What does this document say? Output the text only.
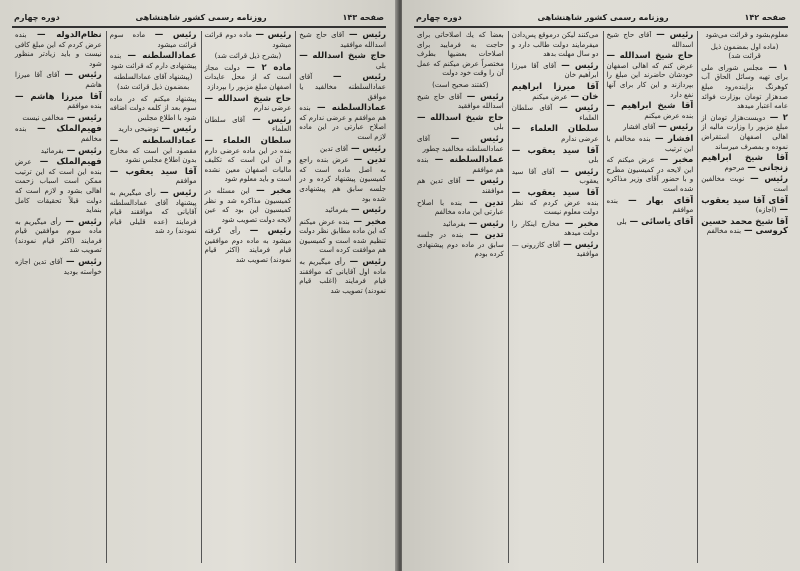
صفحه ۱۴۳
روزنامه رسمی کشور شاهنشاهی
دوره چهارم

رئیس — آقای حاج شیخ اسدالله موافقید

حاج شیخ اسدالله — بلی

رئیس — آقای عمادالسلطنه مخالفید یا موافق

عمادالسلطنه — بنده هم موافقم و عرضی ندارم که اصلاح عبارتی در این ماده لازم است

رئیس — آقای تدین

تدین — عرض بنده راجع به اصل ماده است که کمیسیون پیشنهاد کرده و در جلسه سابق هم پیشنهادی شده بود

رئیس — بفرمائید

مخبر — بنده عرض میکنم که این ماده مطابق نظر دولت تنظیم شده است و کمیسیون هم موافقت کرده است

رئیس — رأی میگیریم به ماده اول آقایانی که موافقند قیام فرمایند (اغلب قیام نمودند) تصویب شد

رئیس — ماده دوم قرائت میشود

(بشرح ذیل قرائت شد)

ماده ۲ — دولت مجاز است که از محل عایدات اصفهان مبلغ مزبور را بپردازد

حاج شیخ اسدالله — عرضی ندارم

رئیس — آقای سلطان العلماء

سلطان العلماء — بنده در این ماده عرضی دارم و آن این است که تکلیف مالیات اصفهان معین نشده است و باید معلوم شود

مخبر — این مسئله در کمیسیون مذاکره شد و نظر کمیسیون این بود که عین لایحه دولت تصویب شود

رئیس — رأی گرفته میشود به ماده دوم موافقین قیام فرمایند (اکثر قیام نمودند) تصویب شد

رئیس — ماده سوم قرائت میشود

عمادالسلطنه — بنده پیشنهادی دارم که قرائت شود

(پیشنهاد آقای عمادالسلطنه بمضمون ذیل قرائت شد)

پیشنهاد میکنم که در ماده سوم بعد از کلمه دولت اضافه شود با اطلاع مجلس

رئیس — توضیحی دارید

عمادالسلطنه — مقصود این است که مخارج بدون اطلاع مجلس نشود

آقا سید یعقوب — موافقم

رئیس — رأی میگیریم به پیشنهاد آقای عمادالسلطنه آقایانی که موافقند قیام فرمایند (عده قلیلی قیام نمودند) رد شد

نظام‌الدوله — بنده عرض کردم که این مبلغ کافی نیست و باید زیادتر منظور شود

رئیس — آقای آقا میرزا هاشم

آقا میرزا هاشم — بنده موافقم

رئیس — مخالفی نیست

فهیم‌الملک — بنده مخالفم

رئیس — بفرمائید

فهیم‌الملک — عرض بنده این است که این ترتیب ممکن است اسباب زحمت اهالی بشود و لازم است که دولت قبلاً تحقیقات کامل بنماید

رئیس — رأی میگیریم به ماده سوم موافقین قیام فرمایند (اکثر قیام نمودند) تصویب شد

رئیس — آقای تدین اجازه خواسته بودید

صفحه ۱۴۲
روزنامه رسمی کشور شاهنشاهی
دوره چهارم

معلوم‌بشود و قرائت‌ می‌شود

(ماده اول بمضمون ذیل قرائت شد)

۱ — مجلس شورای ملی برای تهیه وسائل الحاق آب کوهرنگ بزاینده‌رود مبلغ صدهزار تومان بوزارت فوائد عامه اعتبار میدهد

۲ — دویست‌هزار تومان از مبلغ مزبور را وزارت مالیه از اهالی اصفهان استقراض نموده و بمصرف میرساند

آقا شیخ ابراهیم زنجانی — مرحوم

رئیس — نوبت مخالفین است

آقای آقا سید یعقوب — (اجازه)

آقا شیخ محمد حسین کروسی — بنده مخالفم

رئیس — آقای حاج شیخ اسدالله

حاج شیخ اسدالله — عرض کنم که اهالی اصفهان خودشان حاضرند این مبلغ را بپردازند و این کار برای آنها نفع دارد

آقا شیخ ابراهیم — بنده عرض میکنم

رئیس — آقای افشار

افشار — بنده مخالفم با این ترتیب

مخبر — عرض میکنم که این لایحه در کمیسیون مطرح و با حضور آقای وزیر مذاکره شده است

آقای بهار — بنده موافقم

آقای یاسائی — بلی

می‌کنند لیکن درموقع پس‌دادن میفرمایند دولت طالب دارد و دو سال مهلت بدهد

رئیس — آقای آقا میرزا ابراهیم خان

آقا میرزا ابراهیم خان — عرض میکنم

رئیس — آقای سلطان العلماء

سلطان العلماء — عرضی ندارم

آقا سید یعقوب — بلی

رئیس — آقای آقا سید یعقوب

آقا سید یعقوب — بنده عرض کردم که نظر دولت معلوم نیست

مخبر — مخارج اینکار را دولت میدهد

رئیس — آقای کازرونی — موافقید

بعضاً که یك اصلاحاتی برای حاجت به فرمایید برای اصلاحات بعضیها بطرف مختصراً عرض میکنم که عمل آن را وقت خود دولت

(کفتند صحیح است)

رئیس — آقای حاج شیخ اسدالله موافقید

حاج شیخ اسدالله — بلی

رئیس — آقای عمادالسلطنه مخالفید چطور

عمادالسلطنه — بنده هم موافقم

رئیس — آقای تدین هم موافقند

تدین — بنده با اصلاح عبارتی این ماده مخالفم

رئیس — بفرمائید

تدین — بنده در جلسه سابق در ماده دوم پیشنهادی کرده بودم
